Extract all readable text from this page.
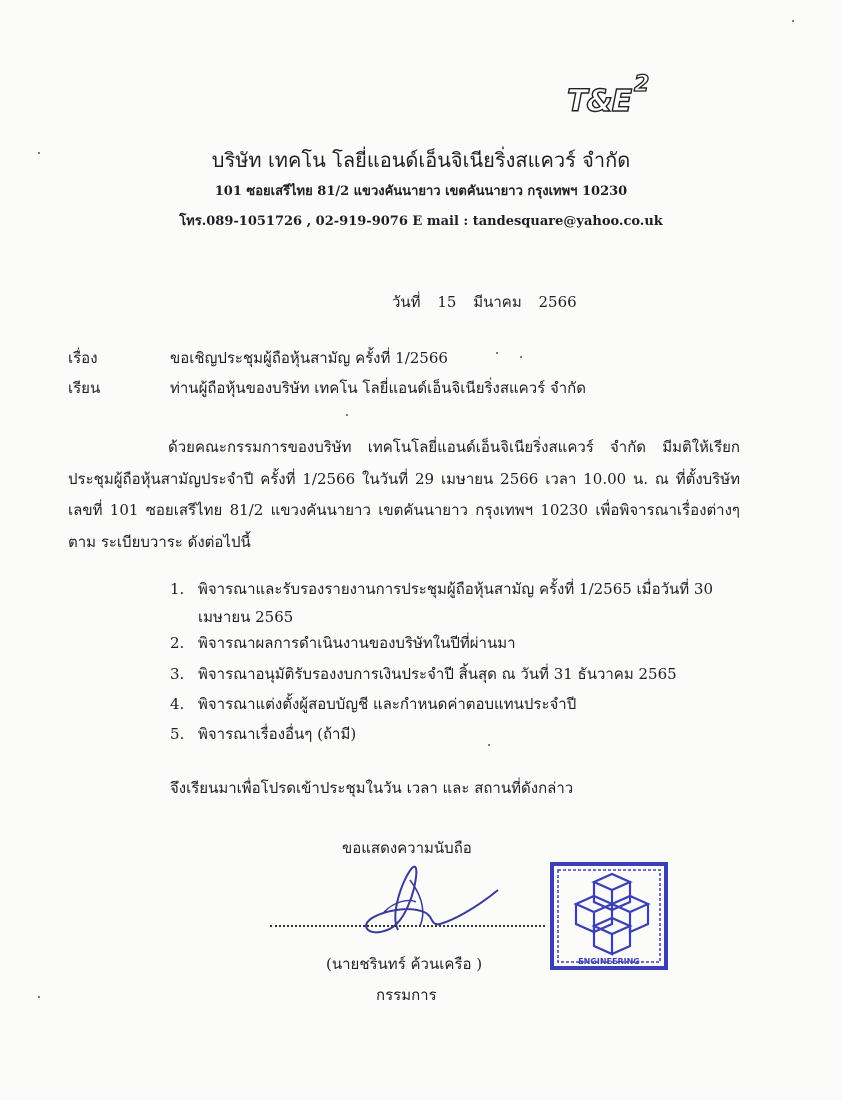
T&E 2
บริษัท เทคโน โลยี่แอนด์เอ็นจิเนียริ่งสแควร์ จำกัด
101 ซอยเสรีไทย 81/2 แขวงคันนายาว เขตคันนายาว กรุงเทพฯ 10230
โทร.089-1051726 , 02-919-9076 E mail : tandesquare@yahoo.co.uk
วันที่ 15 มีนาคม 2566
เรื่อง	ขอเชิญประชุมผู้ถือหุ้นสามัญ ครั้งที่ 1/2566
เรียน	ท่านผู้ถือหุ้นของบริษัท เทคโน โลยี่แอนด์เอ็นจิเนียริ่งสแควร์ จำกัด
ด้วยคณะกรรมการของบริษัท เทคโนโลยี่แอนด์เอ็นจิเนียริ่งสแควร์ จำกัด มีมติให้เรียกประชุมผู้ถือหุ้นสามัญประจำปี ครั้งที่ 1/2566 ในวันที่ 29 เมษายน 2566 เวลา 10.00 น. ณ ที่ตั้งบริษัท เลขที่ 101 ซอยเสรีไทย 81/2 แขวงคันนายาว เขตคันนายาว กรุงเทพฯ 10230 เพื่อพิจารณาเรื่องต่างๆ ตาม ระเบียบวาระ ดังต่อไปนี้
1. พิจารณาและรับรองรายงานการประชุมผู้ถือหุ้นสามัญ ครั้งที่ 1/2565 เมื่อวันที่ 30 เมษายน 2565
2. พิจารณาผลการดำเนินงานของบริษัทในปีที่ผ่านมา
3. พิจารณาอนุมัติรับรองงบการเงินประจำปี สิ้นสุด ณ วันที่ 31 ธันวาคม 2565
4. พิจารณาแต่งตั้งผู้สอบบัญชี และกำหนดค่าตอบแทนประจำปี
5. พิจารณาเรื่องอื่นๆ (ถ้ามี)
จึงเรียนมาเพื่อโปรดเข้าประชุมในวัน เวลา และ สถานที่ดังกล่าว
ขอแสดงความนับถือ
(นายชรินทร์ ค้วนเครือ )
กรรมการ
ENGINEERING
